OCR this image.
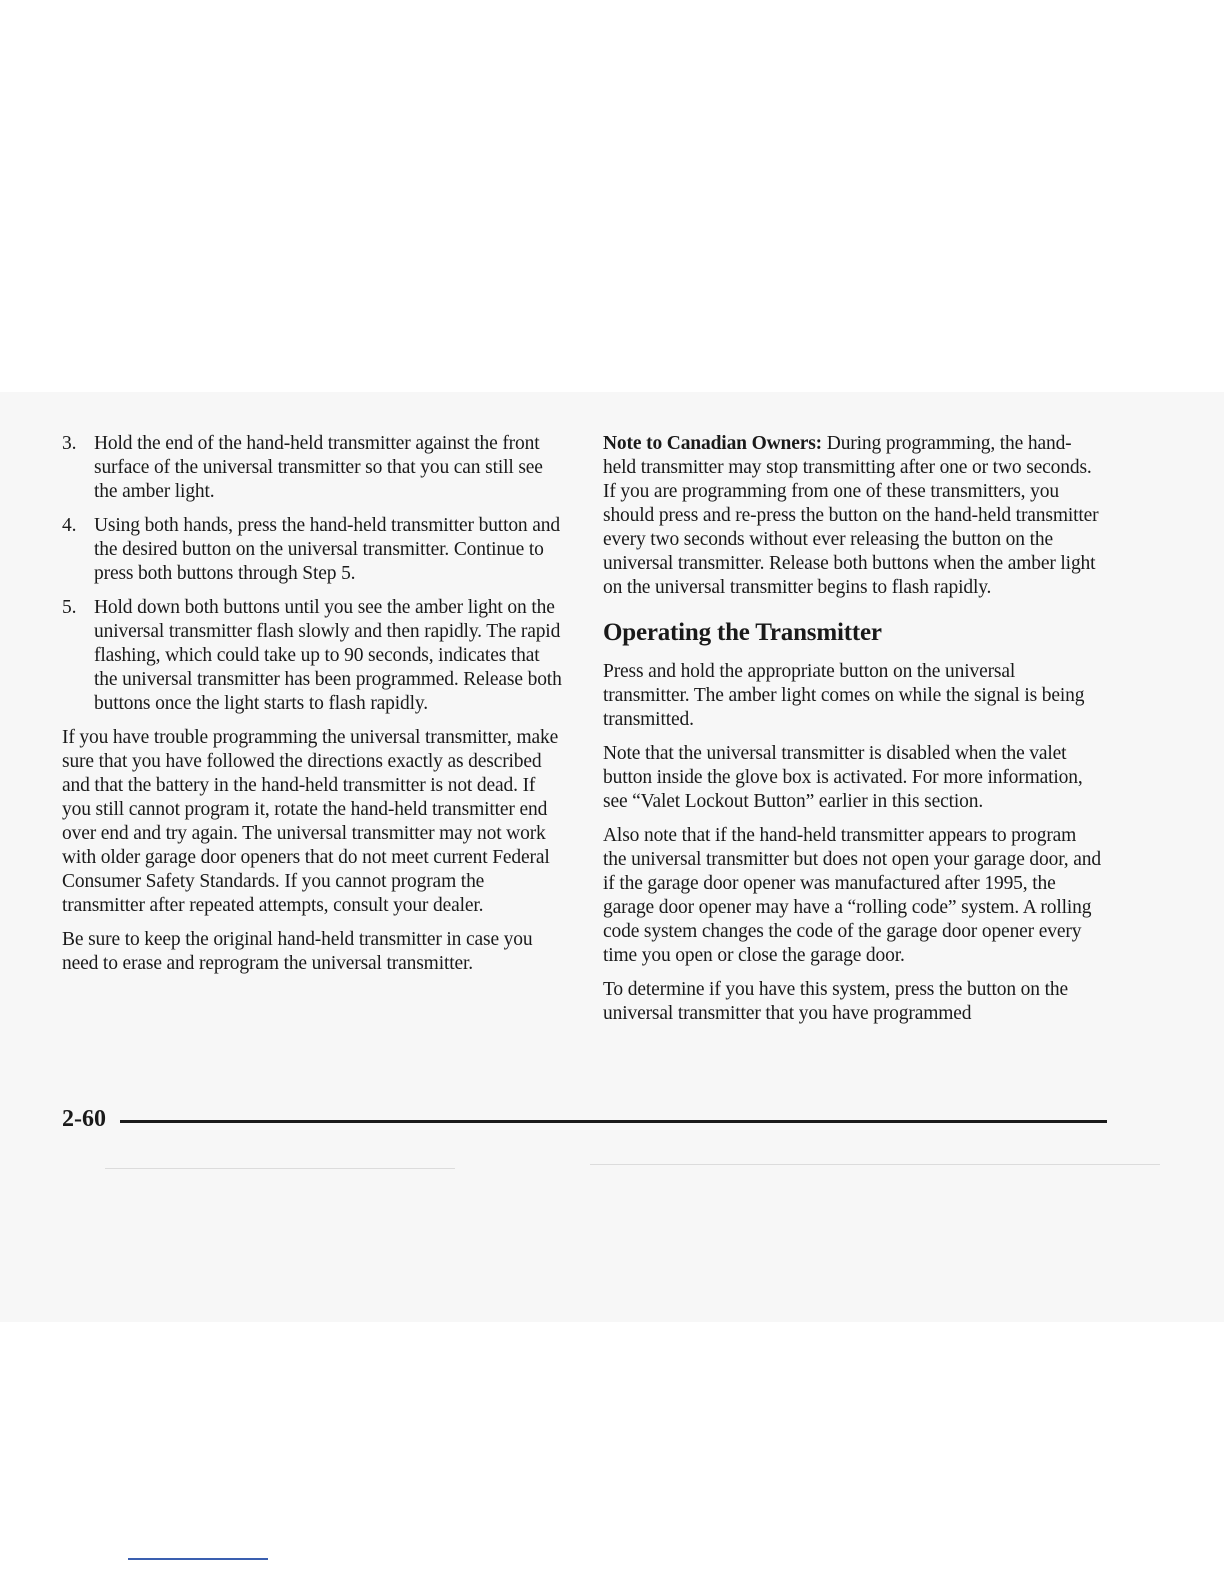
3. Hold the end of the hand-held transmitter against the front surface of the universal transmitter so that you can still see the amber light.
4. Using both hands, press the hand-held transmitter button and the desired button on the universal transmitter. Continue to press both buttons through Step 5.
5. Hold down both buttons until you see the amber light on the universal transmitter flash slowly and then rapidly. The rapid flashing, which could take up to 90 seconds, indicates that the universal transmitter has been programmed. Release both buttons once the light starts to flash rapidly.

If you have trouble programming the universal transmitter, make sure that you have followed the directions exactly as described and that the battery in the hand-held transmitter is not dead. If you still cannot program it, rotate the hand-held transmitter end over end and try again. The universal transmitter may not work with older garage door openers that do not meet current Federal Consumer Safety Standards. If you cannot program the transmitter after repeated attempts, consult your dealer.

Be sure to keep the original hand-held transmitter in case you need to erase and reprogram the universal transmitter.

Note to Canadian Owners: During programming, the hand-held transmitter may stop transmitting after one or two seconds. If you are programming from one of these transmitters, you should press and re-press the button on the hand-held transmitter every two seconds without ever releasing the button on the universal transmitter. Release both buttons when the amber light on the universal transmitter begins to flash rapidly.

Operating the Transmitter

Press and hold the appropriate button on the universal transmitter. The amber light comes on while the signal is being transmitted.

Note that the universal transmitter is disabled when the valet button inside the glove box is activated. For more information, see “Valet Lockout Button” earlier in this section.

Also note that if the hand-held transmitter appears to program the universal transmitter but does not open your garage door, and if the garage door opener was manufactured after 1995, the garage door opener may have a “rolling code” system. A rolling code system changes the code of the garage door opener every time you open or close the garage door.

To determine if you have this system, press the button on the universal transmitter that you have programmed

2-60
